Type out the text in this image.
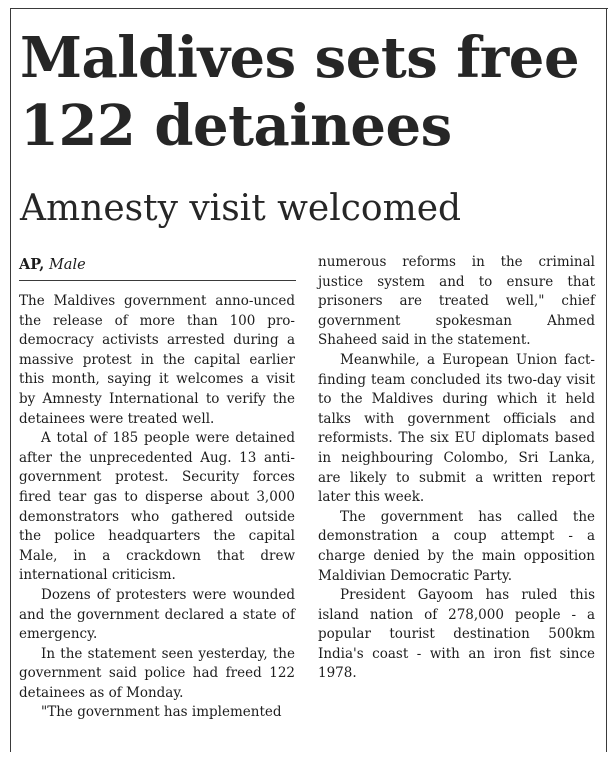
Maldives sets free
122 detainees
Amnesty visit welcomed
AP, Male

The Maldives government anno-unced the release of more than 100 pro-democracy activists arrested during a massive protest in the capital earlier this month, saying it welcomes a visit by Amnesty International to verify the detainees were treated well.

A total of 185 people were detained after the unprecedented Aug. 13 anti-government protest. Security forces fired tear gas to disperse about 3,000 demonstrators who gathered outside the police headquarters the capital Male, in a crackdown that drew international criticism.

Dozens of protesters were wounded and the government declared a state of emergency.

In the statement seen yesterday, the government said police had freed 122 detainees as of Monday.

"The government has implemented

numerous reforms in the criminal justice system and to ensure that prisoners are treated well," chief government spokesman Ahmed Shaheed said in the statement.

Meanwhile, a European Union fact-finding team concluded its two-day visit to the Maldives during which it held talks with government officials and reformists. The six EU diplomats based in neighbouring Colombo, Sri Lanka, are likely to submit a written report later this week.

The government has called the demonstration a coup attempt - a charge denied by the main opposition Maldivian Democratic Party.

President Gayoom has ruled this island nation of 278,000 people - a popular tourist destination 500km India's coast - with an iron fist since 1978.
